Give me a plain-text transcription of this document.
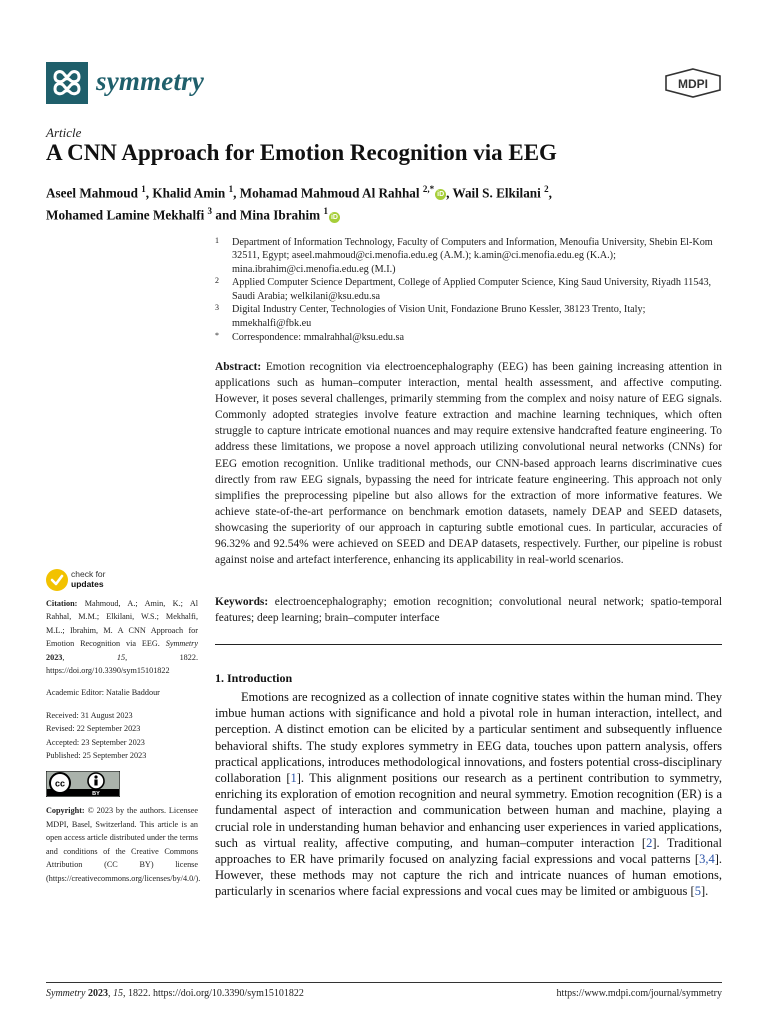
symmetry	MDPI
Article
A CNN Approach for Emotion Recognition via EEG
Aseel Mahmoud $^1$, Khalid Amin $^1$, Mohamad Mahmoud Al Rahhal $^{2,*}$iD , Wail S. Elkilani $^2$,
Mohamed Lamine Mekhalfi $^3$ and Mina Ibrahim $^1$iD
1 Department of Information Technology, Faculty of Computers and Information, Menoufia University, Shebin El-Kom 32511, Egypt; aseel.mahmoud@ci.menofia.edu.eg (A.M.); k.amin@ci.menofia.edu.eg (K.A.); mina.ibrahim@ci.menofia.edu.eg (M.I.)
2 Applied Computer Science Department, College of Applied Computer Science, King Saud University, Riyadh 11543, Saudi Arabia; welkilani@ksu.edu.sa
3 Digital Industry Center, Technologies of Vision Unit, Fondazione Bruno Kessler, 38123 Trento, Italy; mmekhalfi@fbk.eu
* Correspondence: mmalrahhal@ksu.edu.sa
Abstract: Emotion recognition via electroencephalography (EEG) has been gaining increasing attention in applications such as human–computer interaction, mental health assessment, and affective computing. However, it poses several challenges, primarily stemming from the complex and noisy nature of EEG signals. Commonly adopted strategies involve feature extraction and machine learning techniques, which often struggle to capture intricate emotional nuances and may require extensive handcrafted feature engineering. To address these limitations, we propose a novel approach utilizing convolutional neural networks (CNNs) for EEG emotion recognition. Unlike traditional methods, our CNN-based approach learns discriminative cues directly from raw EEG signals, bypassing the need for intricate feature engineering. This approach not only simplifies the preprocessing pipeline but also allows for the extraction of more informative features. We achieve state-of-the-art performance on benchmark emotion datasets, namely DEAP and SEED datasets, showcasing the superiority of our approach in capturing subtle emotional cues. In particular, accuracies of 96.32% and 92.54% were achieved on SEED and DEAP datasets, respectively. Further, our pipeline is robust against noise and artefact interference, enhancing its applicability in real-world scenarios.
Keywords: electroencephalography; emotion recognition; convolutional neural network; spatio-temporal features; deep learning; brain–computer interface
1. Introduction
Emotions are recognized as a collection of innate cognitive states within the human mind. They imbue human actions with significance and hold a pivotal role in human interaction, intellect, and perception. A distinct emotion can be elicited by a particular sentiment and subsequently influence behavioral shifts. The study explores symmetry in EEG data, touches upon pattern analysis, offers practical applications, introduces methodological innovations, and fosters potential cross-disciplinary collaboration [1]. This alignment positions our research as a pertinent contribution to symmetry, enriching its exploration of emotion recognition and neural symmetry. Emotion recognition (ER) is a fundamental aspect of interaction and communication between human and machine, playing a crucial role in understanding human behavior and enhancing user experiences in varied applications, such as virtual reality, affective computing, and human–computer interaction [2]. Traditional approaches to ER have primarily focused on analyzing facial expressions and vocal patterns [3,4]. However, these methods may not capture the rich and intricate nuances of human emotions, particularly in scenarios where facial expressions and vocal cues may be limited or ambiguous [5].
check for
updates
Citation: Mahmoud, A.; Amin, K.; Al Rahhal, M.M.; Elkilani, W.S.; Mekhalfi, M.L.; Ibrahim, M. A CNN Approach for Emotion Recognition via EEG. Symmetry 2023, 15, 1822. https://doi.org/10.3390/sym15101822
Academic Editor: Natalie Baddour
Received: 31 August 2023
Revised: 22 September 2023
Accepted: 23 September 2023
Published: 25 September 2023
cc
BY
Copyright: © 2023 by the authors. Licensee MDPI, Basel, Switzerland. This article is an open access article distributed under the terms and conditions of the Creative Commons Attribution (CC BY) license (https://creativecommons.org/licenses/by/4.0/).
Symmetry 2023, 15, 1822. https://doi.org/10.3390/sym15101822	https://www.mdpi.com/journal/symmetry
